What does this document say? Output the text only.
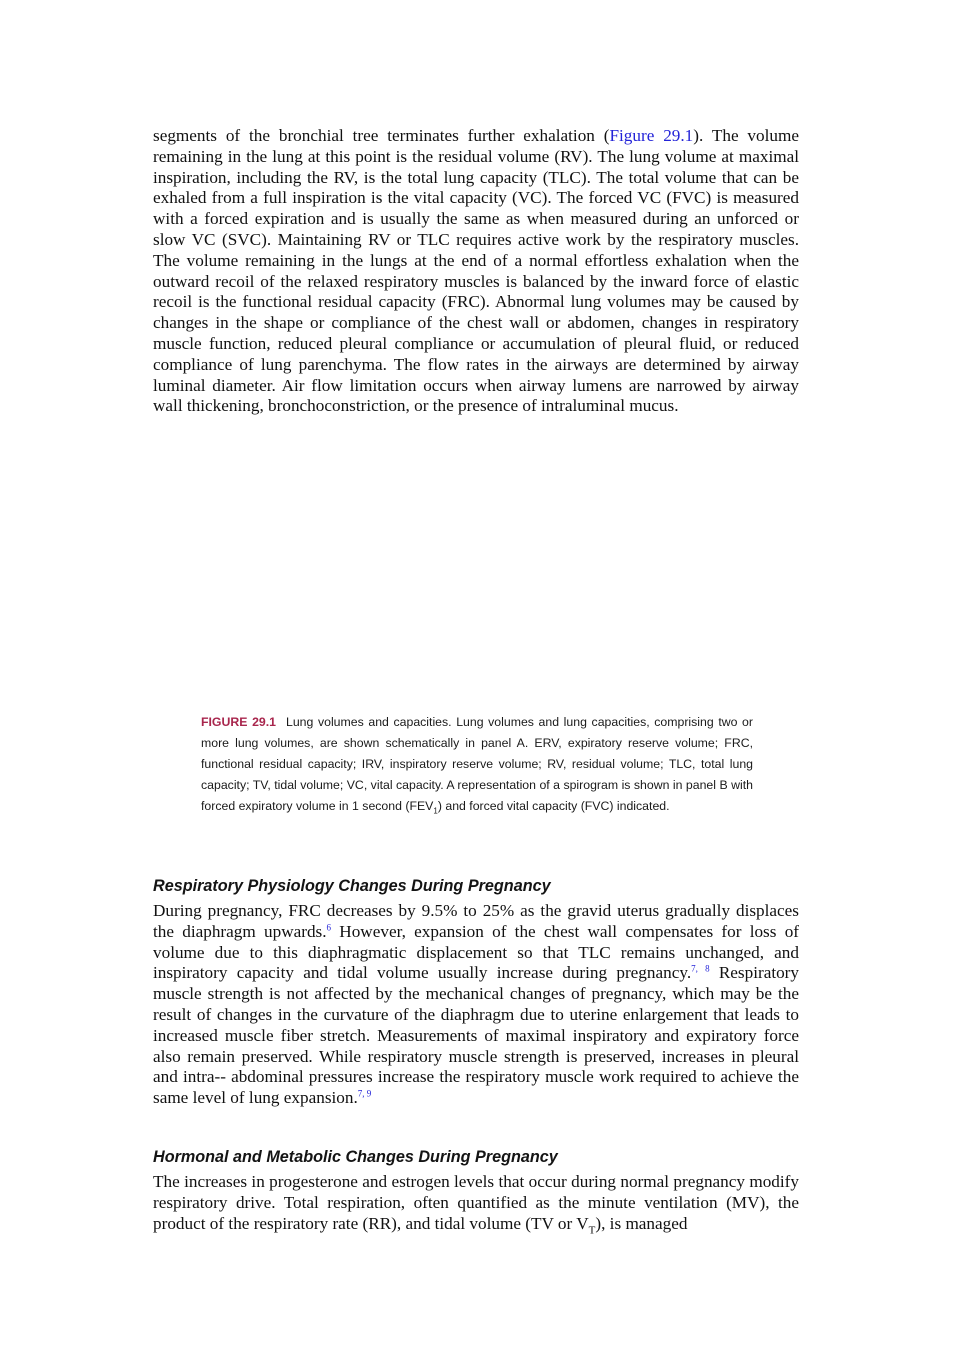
segments of the bronchial tree terminates further exhalation (Figure 29.1). The volume remaining in the lung at this point is the residual volume (RV). The lung volume at maximal inspiration, including the RV, is the total lung capacity (TLC). The total volume that can be exhaled from a full inspiration is the vital capacity (VC). The forced VC (FVC) is measured with a forced expiration and is usually the same as when measured during an unforced or slow VC (SVC). Maintaining RV or TLC requires active work by the respiratory muscles. The volume remaining in the lungs at the end of a normal effortless exhalation when the outward recoil of the relaxed respiratory muscles is balanced by the inward force of elastic recoil is the functional residual capacity (FRC). Abnormal lung volumes may be caused by changes in the shape or compliance of the chest wall or abdomen, changes in respiratory muscle function, reduced pleural compliance or accumulation of pleural fluid, or reduced compliance of lung parenchyma. The flow rates in the airways are determined by airway luminal diameter. Air flow limitation occurs when airway lumens are narrowed by airway wall thickening, bronchoconstriction, or the presence of intraluminal mucus.

FIGURE 29.1 Lung volumes and capacities. Lung volumes and lung capacities, comprising two or more lung volumes, are shown schematically in panel A. ERV, expiratory reserve volume; FRC, functional residual capacity; IRV, inspiratory reserve volume; RV, residual volume; TLC, total lung capacity; TV, tidal volume; VC, vital capacity. A representation of a spirogram is shown in panel B with forced expiratory volume in 1 second $(FEV_1)$ and forced vital capacity (FVC) indicated.

Respiratory Physiology Changes During Pregnancy

During pregnancy, FRC decreases by 9.5% to 25% as the gravid uterus gradually displaces the diaphragm upwards.$^6$ However, expansion of the chest wall compensates for loss of volume due to this diaphragmatic displacement so that TLC remains unchanged, and inspiratory capacity and tidal volume usually increase during pregnancy.$^{7, 8}$ Respiratory muscle strength is not affected by the mechanical changes of pregnancy, which may be the result of changes in the curvature of the diaphragm due to uterine enlargement that leads to increased muscle fiber stretch. Measurements of maximal inspiratory and expiratory force also remain preserved. While respiratory muscle strength is preserved, increases in pleural and intra-- abdominal pressures increase the respiratory muscle work required to achieve the same level of lung expansion.$^{7, 9}$

Hormonal and Metabolic Changes During Pregnancy

The increases in progesterone and estrogen levels that occur during normal pregnancy modify respiratory drive. Total respiration, often quantified as the minute ventilation (MV), the product of the respiratory rate (RR), and tidal volume (TV or $V_T$), is managed
